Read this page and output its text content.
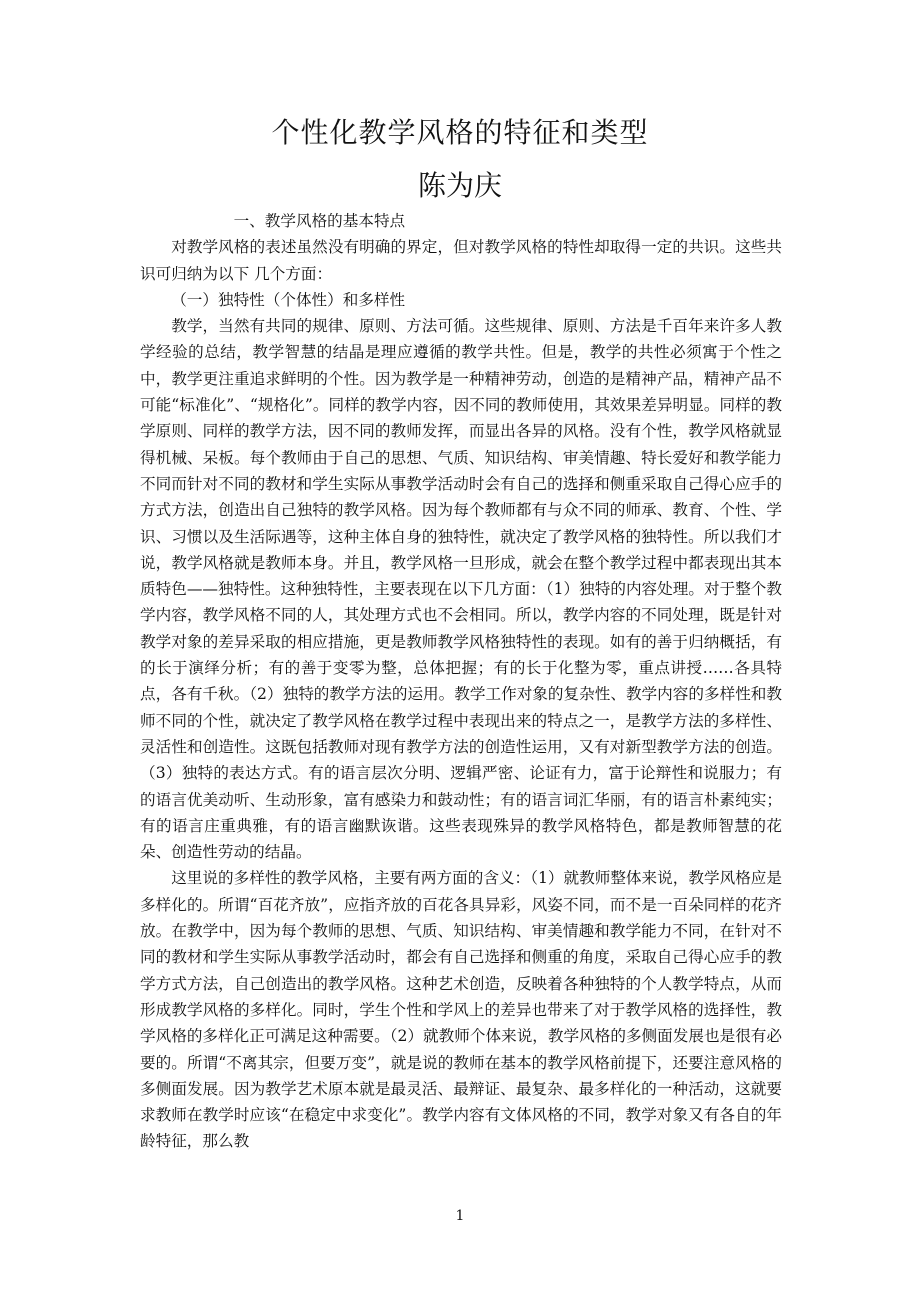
个性化教学风格的特征和类型
陈为庆

一、教学风格的基本特点

对教学风格的表述虽然没有明确的界定，但对教学风格的特性却取得一定的共识。这些共识可归纳为以下 几个方面：

（一）独特性（个体性）和多样性

教学，当然有共同的规律、原则、方法可循。这些规律、原则、方法是千百年来许多人教学经验的总结，教学智慧的结晶是理应遵循的教学共性。但是，教学的共性必须寓于个性之中，教学更注重追求鲜明的个性。因为教学是一种精神劳动，创造的是精神产品，精神产品不可能“标准化”、“规格化”。同样的教学内容，因不同的教师使用，其效果差异明显。同样的教学原则、同样的教学方法，因不同的教师发挥，而显出各异的风格。没有个性，教学风格就显得机械、呆板。每个教师由于自己的思想、气质、知识结构、审美情趣、特长爱好和教学能力不同而针对不同的教材和学生实际从事教学活动时会有自己的选择和侧重采取自己得心应手的方式方法，创造出自己独特的教学风格。因为每个教师都有与众不同的师承、教育、个性、学识、习惯以及生活际遇等，这种主体自身的独特性，就决定了教学风格的独特性。所以我们才说，教学风格就是教师本身。并且，教学风格一旦形成，就会在整个教学过程中都表现出其本质特色——独特性。这种独特性，主要表现在以下几方面：（1）独特的内容处理。对于整个教学内容，教学风格不同的人，其处理方式也不会相同。所以，教学内容的不同处理，既是针对教学对象的差异采取的相应措施，更是教师教学风格独特性的表现。如有的善于归纳概括，有的长于演绎分析；有的善于变零为整，总体把握；有的长于化整为零，重点讲授……各具特点，各有千秋。（2）独特的教学方法的运用。教学工作对象的复杂性、教学内容的多样性和教师不同的个性，就决定了教学风格在教学过程中表现出来的特点之一，是教学方法的多样性、灵活性和创造性。这既包括教师对现有教学方法的创造性运用，又有对新型教学方法的创造。（3）独特的表达方式。有的语言层次分明、逻辑严密、论证有力，富于论辩性和说服力；有的语言优美动听、生动形象，富有感染力和鼓动性；有的语言词汇华丽，有的语言朴素纯实；有的语言庄重典雅，有的语言幽默诙谐。这些表现殊异的教学风格特色，都是教师智慧的花朵、创造性劳动的结晶。

这里说的多样性的教学风格，主要有两方面的含义：（1）就教师整体来说，教学风格应是多样化的。所谓“百花齐放”，应指齐放的百花各具异彩，风姿不同，而不是一百朵同样的花齐放。在教学中，因为每个教师的思想、气质、知识结构、审美情趣和教学能力不同，在针对不同的教材和学生实际从事教学活动时，都会有自己选择和侧重的角度，采取自己得心应手的教学方式方法，自己创造出的教学风格。这种艺术创造，反映着各种独特的个人教学特点，从而形成教学风格的多样化。同时，学生个性和学风上的差异也带来了对于教学风格的选择性，教学风格的多样化正可满足这种需要。（2）就教师个体来说，教学风格的多侧面发展也是很有必要的。所谓“不离其宗，但要万变”，就是说的教师在基本的教学风格前提下，还要注意风格的多侧面发展。因为教学艺术原本就是最灵活、最辩证、最复杂、最多样化的一种活动，这就要求教师在教学时应该“在稳定中求变化”。教学内容有文体风格的不同，教学对象又有各自的年龄特征，那么教

1
